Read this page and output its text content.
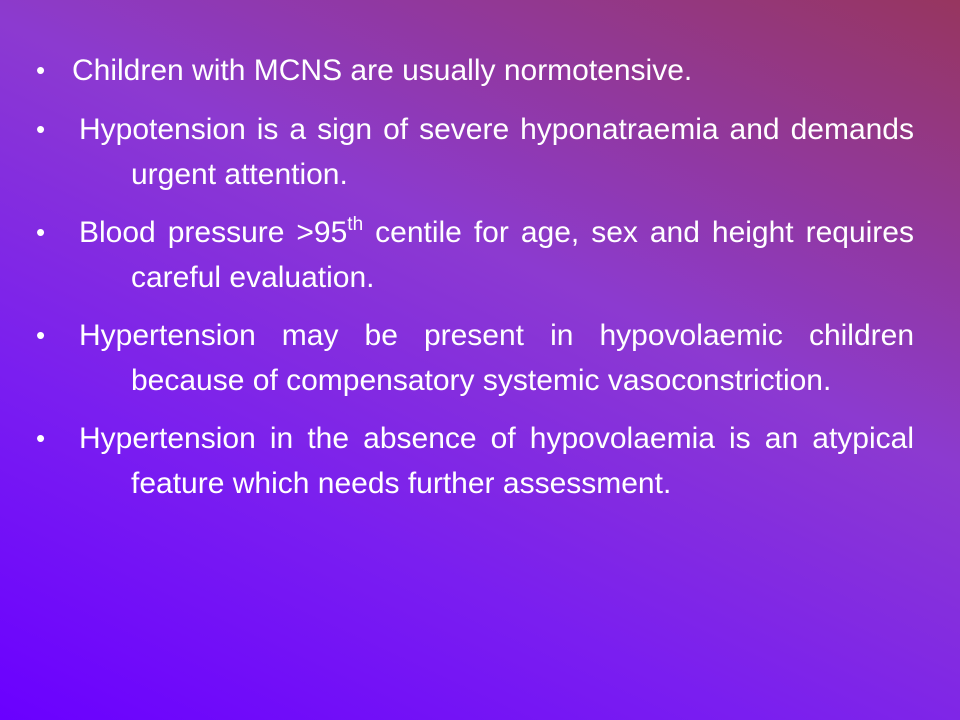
• Children with MCNS are usually normotensive.
•	Hypotension is a sign of severe hyponatraemia and demands urgent attention.
•	Blood pressure >95th centile for age, sex and height requires careful evaluation.
•	Hypertension may be present in hypovolaemic children because of compensatory systemic vasoconstriction.
•	Hypertension in the absence of hypovolaemia is an atypical feature which needs further assessment.
